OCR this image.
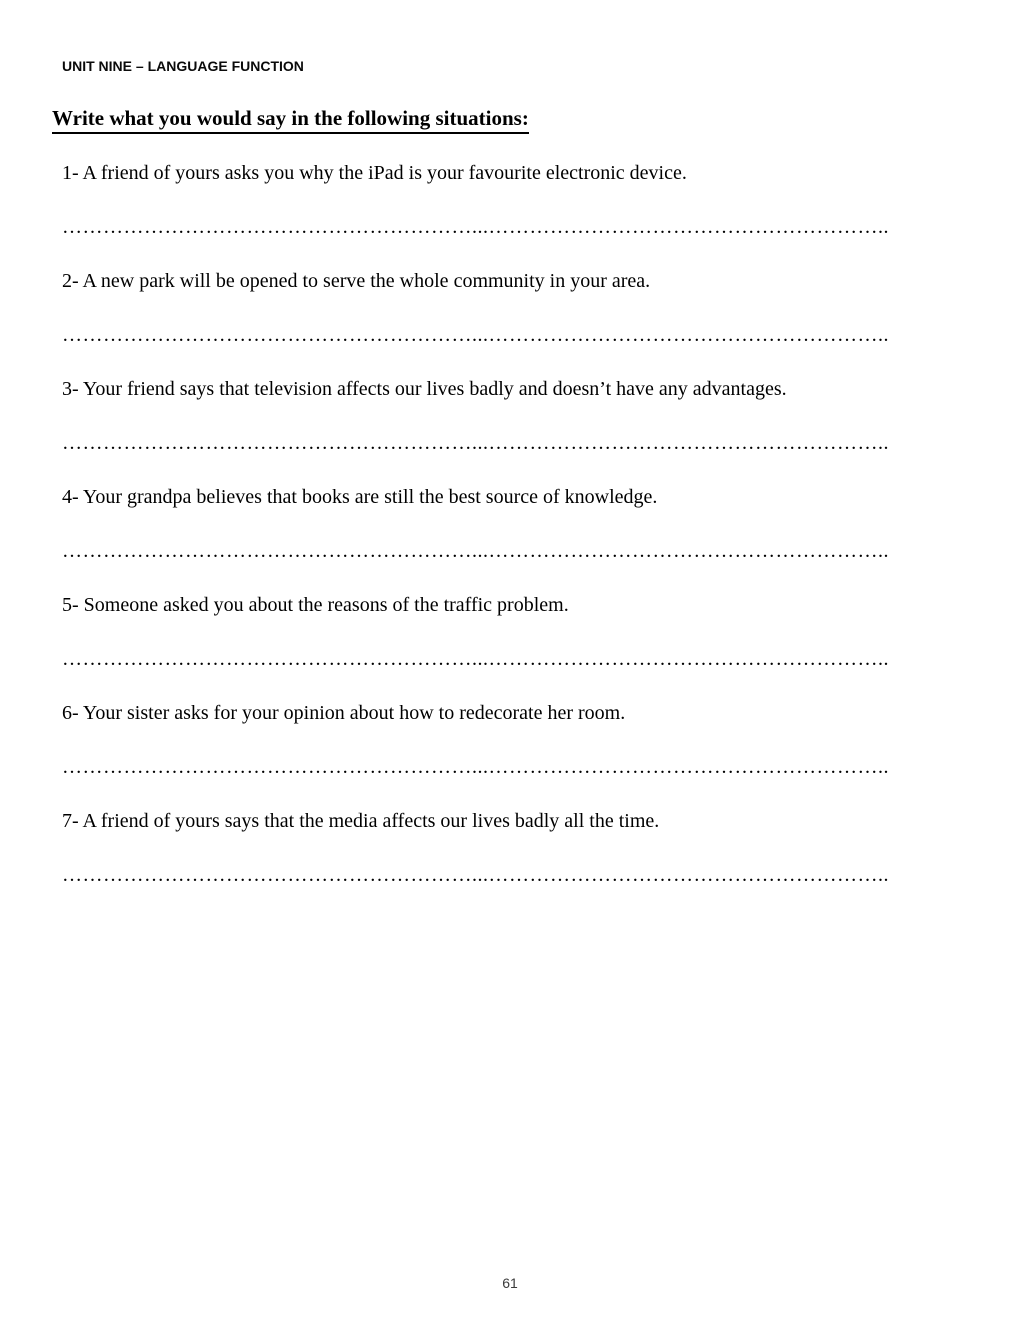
UNIT NINE – LANGUAGE FUNCTION
Write what you would say in the following situations:

1- A friend of yours asks you why the iPad is your favourite electronic device.

……………………………………………………...…………………………………………………..

2- A new park will be opened to serve the whole community in your area.

……………………………………………………...…………………………………………………..

3- Your friend says that television affects our lives badly and doesn’t have any advantages.

……………………………………………………...…………………………………………………..

4- Your grandpa believes that books are still the best source of knowledge.

……………………………………………………...…………………………………………………..

5- Someone asked you about the reasons of the traffic problem.

……………………………………………………...…………………………………………………..

6- Your sister asks for your opinion about how to redecorate her room.

……………………………………………………...…………………………………………………..

7- A friend of yours says that the media affects our lives badly all the time.

……………………………………………………...…………………………………………………..

61
